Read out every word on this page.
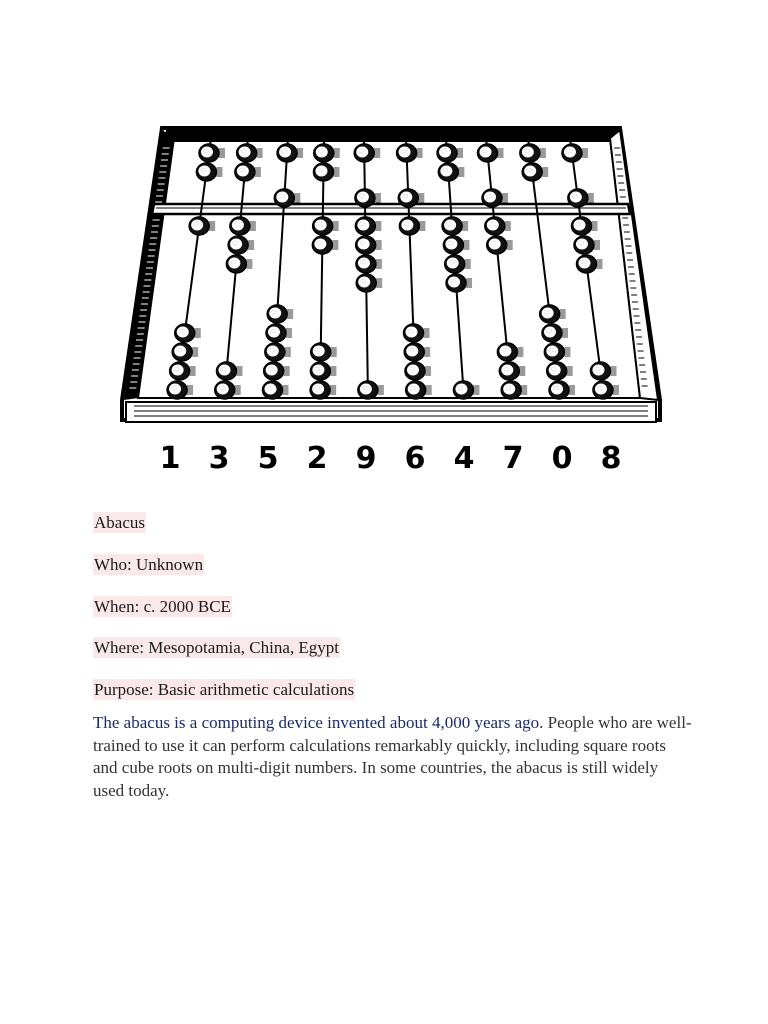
1 3 5 2 9 6 4 7 0 8

Abacus

Who: Unknown

When: c. 2000 BCE

Where: Mesopotamia, China, Egypt

Purpose: Basic arithmetic calculations

The abacus is a computing device invented about 4,000 years ago. People who are well-trained to use it can perform calculations remarkably quickly, including square roots and cube roots on multi-digit numbers. In some countries, the abacus is still widely used today.
